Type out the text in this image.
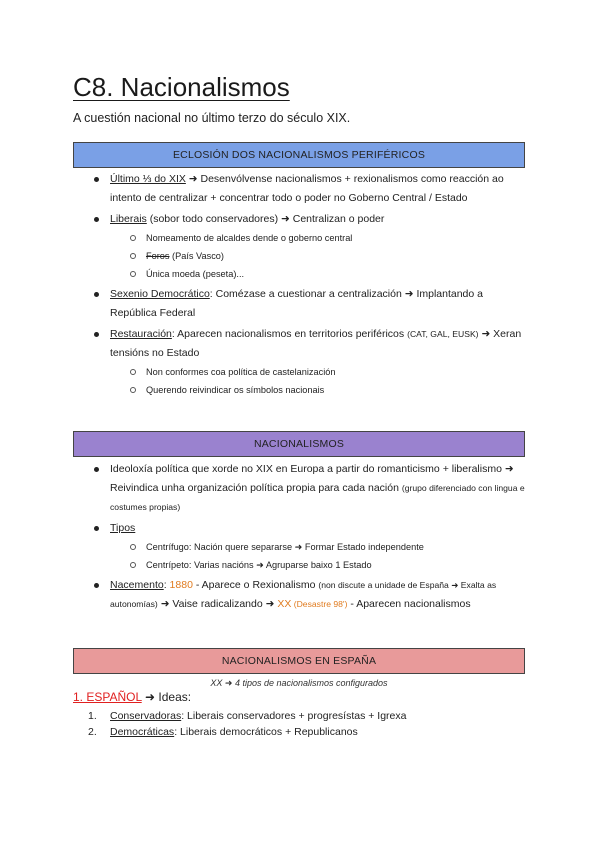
C8. Nacionalismos

A cuestión nacional no último terzo do século XIX.

ECLOSIÓN DOS NACIONALISMOS PERIFÉRICOS
Último ⅓ do XIX ➜ Desenvólvense nacionalismos + rexionalismos como reacción ao intento de centralizar + concentrar todo o poder no Goberno Central / Estado
Liberais (sobor todo conservadores) ➜ Centralizan o poder
Nomeamento de alcaldes dende o goberno central
Foros (País Vasco)
Única moeda (peseta)...
Sexenio Democrático: Comézase a cuestionar a centralización ➜ Implantando a República Federal
Restauración: Aparecen nacionalismos en territorios periféricos (CAT, GAL, EUSK) ➜ Xeran tensións no Estado
Non conformes coa política de castelanización
Querendo reivindicar os símbolos nacionais
NACIONALISMOS
Ideoloxía política que xorde no XIX en Europa a partir do romanticismo + liberalismo ➜ Reivindica unha organización política propia para cada nación (grupo diferenciado con lingua e costumes propias)
Tipos
Centrífugo: Nación quere separarse ➜ Formar Estado independente
Centrípeto: Varias nacións ➜ Agruparse baixo 1 Estado
Nacemento: 1880 - Aparece o Rexionalismo (non discute a unidade de España ➜ Exalta as autonomías) ➜ Vaise radicalizando ➜ XX (Desastre 98') - Aparecen nacionalismos
NACIONALISMOS EN ESPAÑA
XX ➜ 4 tipos de nacionalismos configurados
1. ESPAÑOL ➜ Ideas:
1. Conservadoras: Liberais conservadores + progresístas + Igrexa
2. Democráticas: Liberais democráticos + Republicanos
